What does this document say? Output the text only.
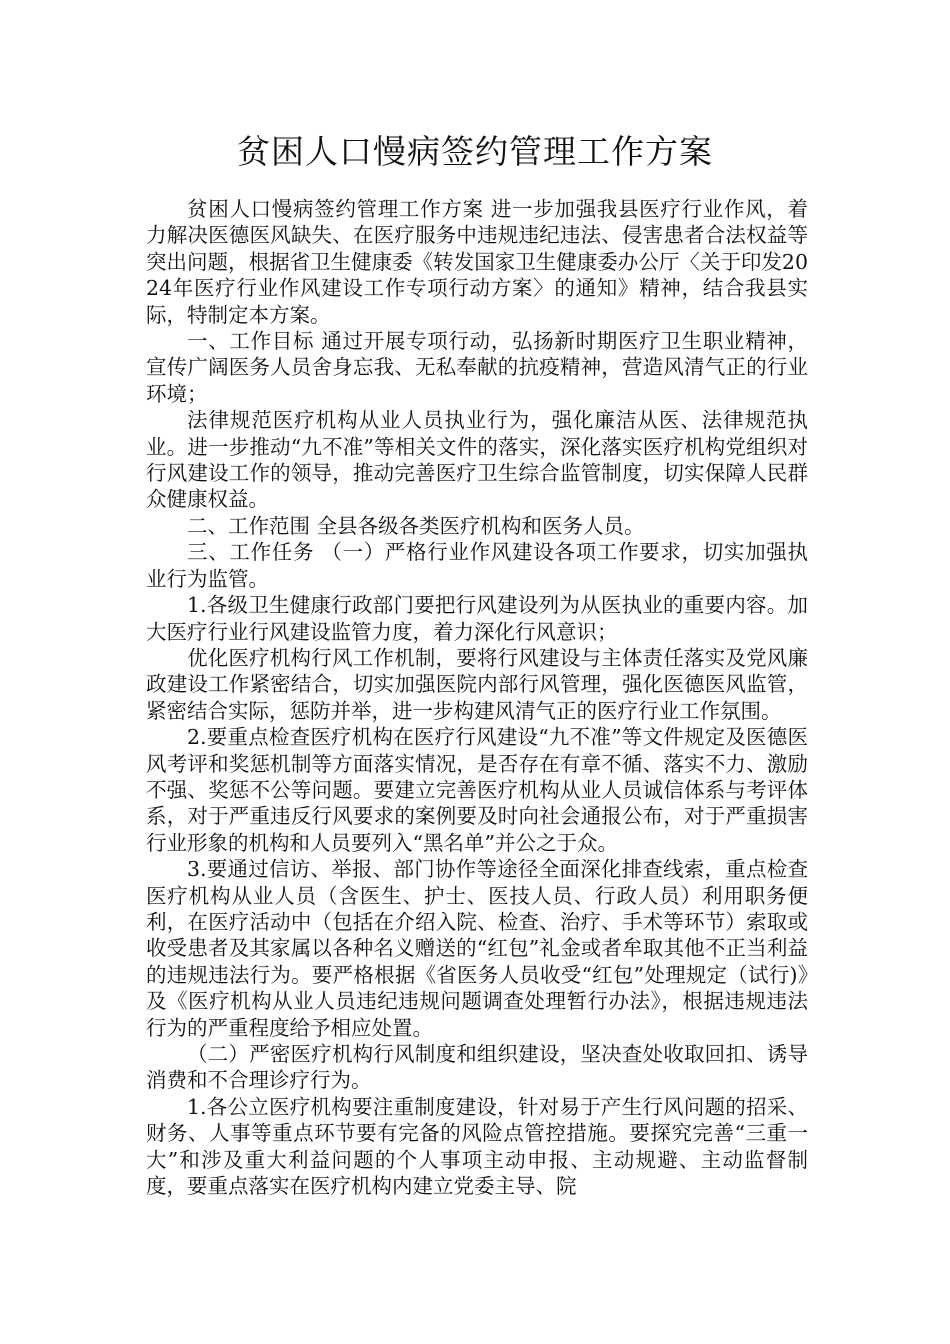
贫困人口慢病签约管理工作方案

贫困人口慢病签约管理工作方案 进一步加强我县医疗行业作风，着力解决医德医风缺失、在医疗服务中违规违纪违法、侵害患者合法权益等突出问题，根据省卫生健康委《转发国家卫生健康委办公厅〈关于印发2024年医疗行业作风建设工作专项行动方案〉的通知》精神，结合我县实际，特制定本方案。

一、工作目标 通过开展专项行动，弘扬新时期医疗卫生职业精神，宣传广阔医务人员舍身忘我、无私奉献的抗疫精神，营造风清气正的行业环境；

法律规范医疗机构从业人员执业行为，强化廉洁从医、法律规范执业。进一步推动“九不准”等相关文件的落实，深化落实医疗机构党组织对行风建设工作的领导，推动完善医疗卫生综合监管制度，切实保障人民群众健康权益。

二、工作范围 全县各级各类医疗机构和医务人员。

三、工作任务 （一）严格行业作风建设各项工作要求，切实加强执业行为监管。

1.各级卫生健康行政部门要把行风建设列为从医执业的重要内容。加大医疗行业行风建设监管力度，着力深化行风意识；

优化医疗机构行风工作机制，要将行风建设与主体责任落实及党风廉政建设工作紧密结合，切实加强医院内部行风管理，强化医德医风监管，紧密结合实际，惩防并举，进一步构建风清气正的医疗行业工作氛围。

2.要重点检查医疗机构在医疗行风建设“九不准”等文件规定及医德医风考评和奖惩机制等方面落实情况，是否存在有章不循、落实不力、激励不强、奖惩不公等问题。要建立完善医疗机构从业人员诚信体系与考评体系，对于严重违反行风要求的案例要及时向社会通报公布，对于严重损害行业形象的机构和人员要列入“黑名单”并公之于众。

3.要通过信访、举报、部门协作等途径全面深化排查线索，重点检查医疗机构从业人员（含医生、护士、医技人员、行政人员）利用职务便利，在医疗活动中（包括在介绍入院、检查、治疗、手术等环节）索取或收受患者及其家属以各种名义赠送的“红包”礼金或者牟取其他不正当利益的违规违法行为。要严格根据《省医务人员收受“红包”处理规定（试行)》及《医疗机构从业人员违纪违规问题调查处理暂行办法》，根据违规违法行为的严重程度给予相应处置。

（二）严密医疗机构行风制度和组织建设，坚决查处收取回扣、诱导消费和不合理诊疗行为。

1.各公立医疗机构要注重制度建设，针对易于产生行风问题的招采、财务、人事等重点环节要有完备的风险点管控措施。要探究完善“三重一大”和涉及重大利益问题的个人事项主动申报、主动规避、主动监督制度，要重点落实在医疗机构内建立党委主导、院
